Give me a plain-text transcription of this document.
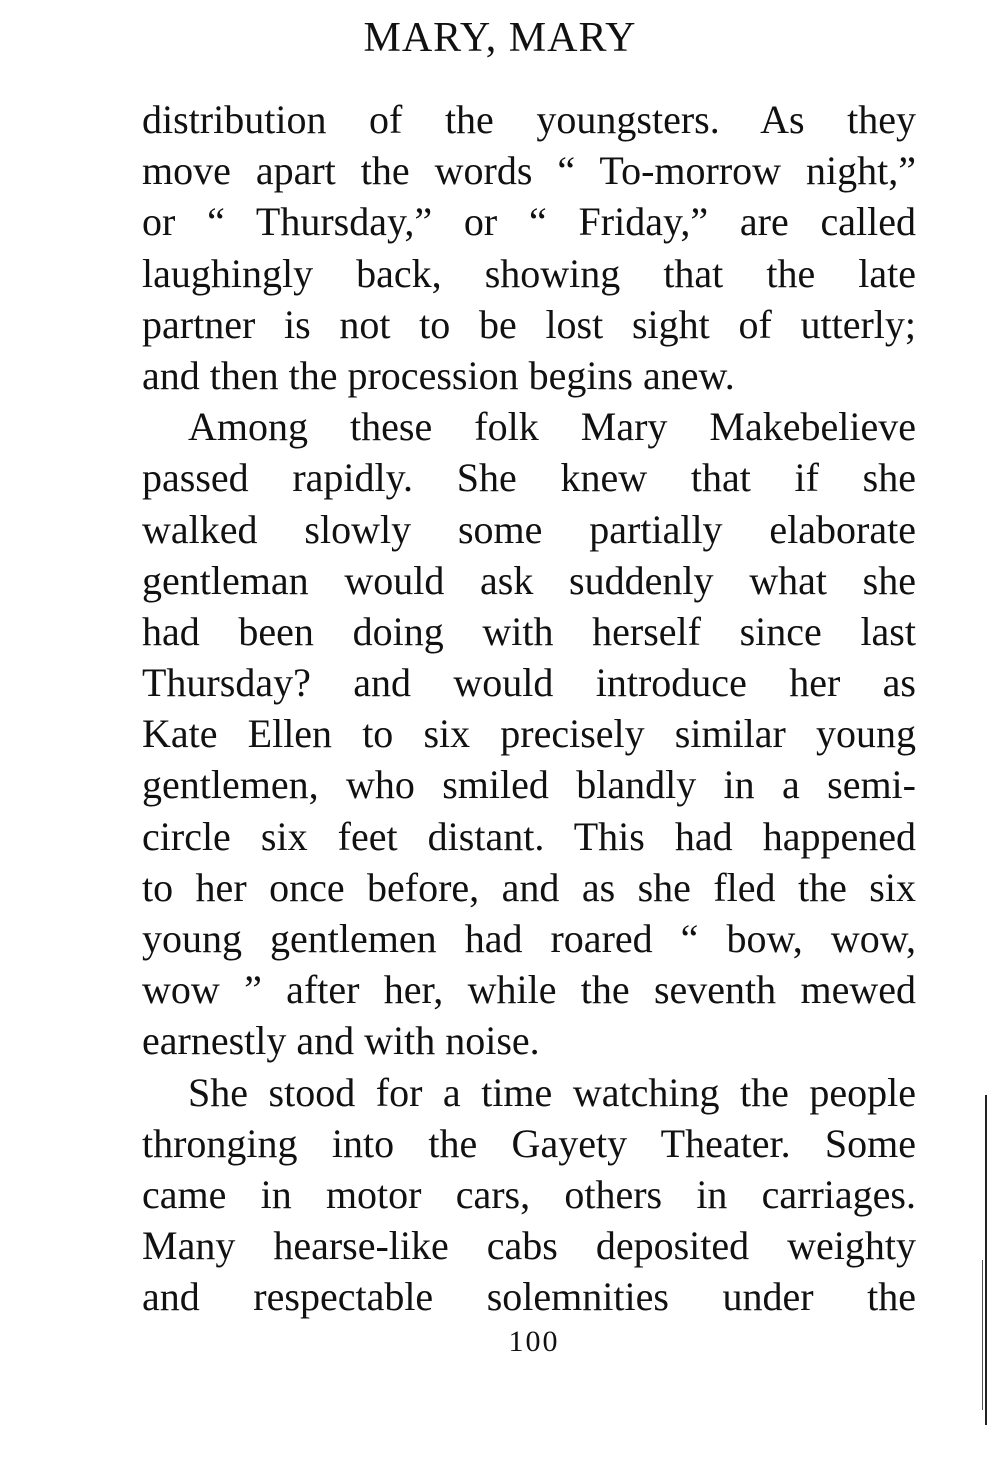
MARY, MARY
distribution of the youngsters. As they
move apart the words “ To-morrow night,”
or “ Thursday,” or “ Friday,” are called
laughingly back, showing that the late
partner is not to be lost sight of utterly;
and then the procession begins anew.
Among these folk Mary Makebelieve
passed rapidly. She knew that if she
walked slowly some partially elaborate
gentleman would ask suddenly what she
had been doing with herself since last
Thursday? and would introduce her as
Kate Ellen to six precisely similar young
gentlemen, who smiled blandly in a semi-
circle six feet distant. This had happened
to her once before, and as she fled the six
young gentlemen had roared “ bow, wow,
wow ” after her, while the seventh mewed
earnestly and with noise.
She stood for a time watching the people
thronging into the Gayety Theater. Some
came in motor cars, others in carriages.
Many hearse-like cabs deposited weighty
and respectable solemnities under the
100
